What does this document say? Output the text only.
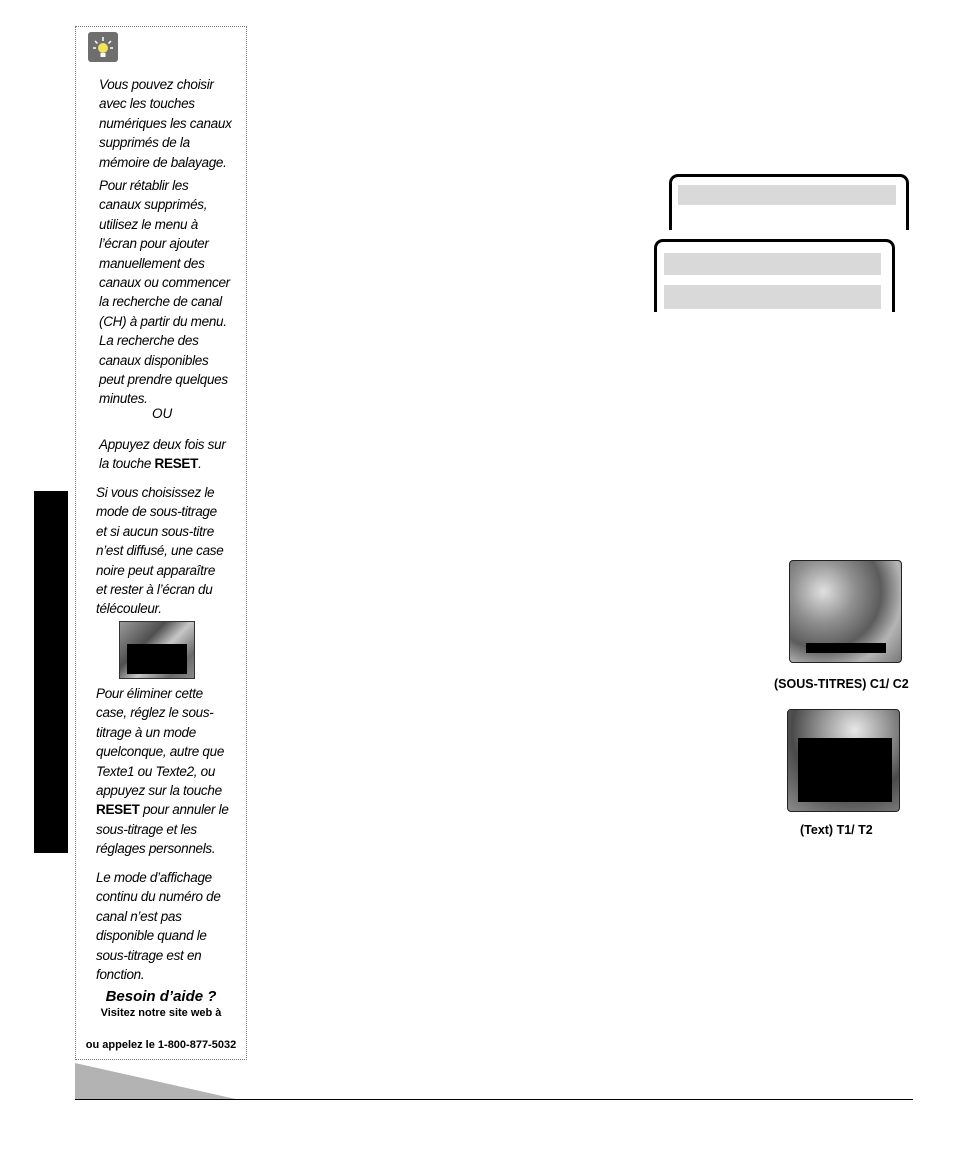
Vous pouvez choisir
avec les touches
numériques les canaux
supprimés de la
mémoire de balayage.

Pour rétablir les
canaux supprimés,
utilisez le menu à
l’écran pour ajouter
manuellement des
canaux ou commencer
la recherche de canal
(CH) à partir du menu.
La recherche des
canaux disponibles
peut prendre quelques
minutes.

OU

Appuyez deux fois sur
la touche RESET.

Si vous choisissez le
mode de sous-titrage
et si aucun sous-titre
n’est diffusé, une case
noire peut apparaître
et rester à l’écran du
télécouleur.

Pour éliminer cette
case, réglez le sous-
titrage à un mode
quelconque, autre que
Texte1 ou Texte2, ou
appuyez sur la touche
RESET pour annuler le
sous-titrage et les
réglages personnels.

Le mode d’affichage
continu du numéro de
canal n’est pas
disponible quand le
sous-titrage est en
fonction.

Besoin d’aide ?
Visitez notre site web à
ou appelez le 1-800-877-5032
(SOUS-TITRES) C1/ C2
(Text) T1/ T2
